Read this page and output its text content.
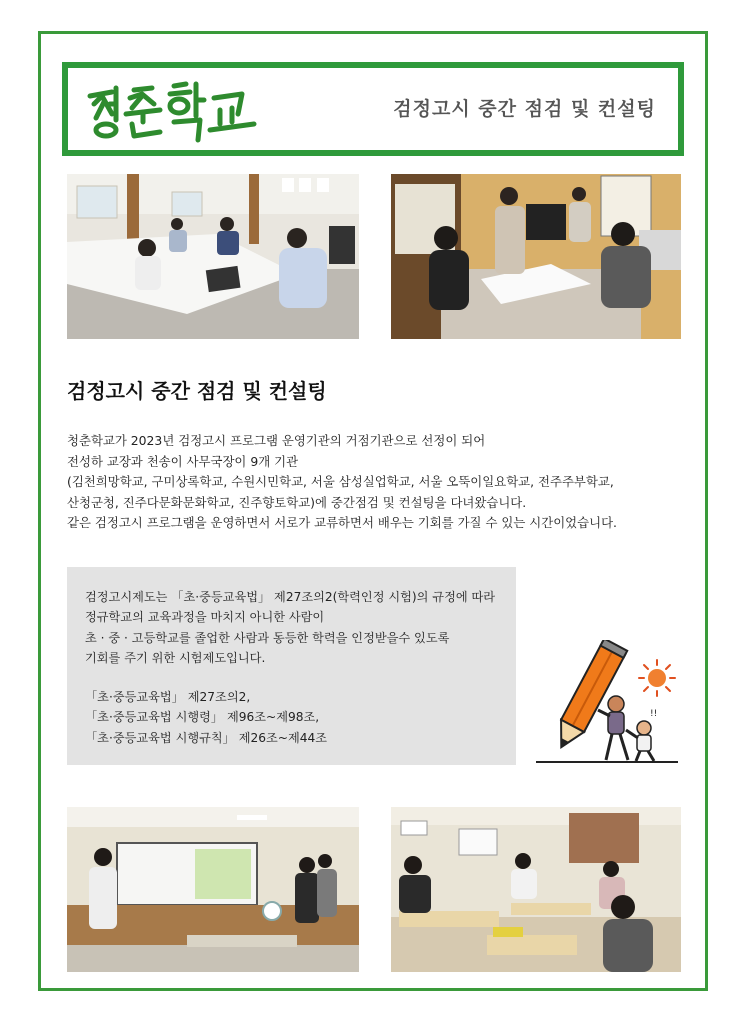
검정고시 중간 점검 및 컨설팅
검정고시 중간 점검 및 컨설팅
청춘학교가 2023년 검정고시 프로그램 운영기관의 거점기관으로 선정이 되어
전성하 교장과 천송이 사무국장이 9개 기관
(김천희망학교, 구미상록학교, 수원시민학교, 서울 삼성실업학교, 서울 오뚝이일요학교, 전주주부학교,
산청군청, 진주다문화문화학교, 진주향토학교)에 중간점검 및 컨설팅을 다녀왔습니다.
같은 검정고시 프로그램을 운영하면서 서로가 교류하면서 배우는 기회를 가질 수 있는 시간이었습니다.
검정고시제도는 「초·중등교육법」 제27조의2(학력인정 시험)의 규정에 따라
정규학교의 교육과정을 마치지 아니한 사람이
초 · 중 · 고등학교를 졸업한 사람과 동등한 학력을 인정받을수 있도록
기회를 주기 위한 시험제도입니다.
「초·중등교육법」 제27조의2,
「초·중등교육법 시행령」 제96조~제98조,
「초·중등교육법 시행규칙」 제26조~제44조
!!
